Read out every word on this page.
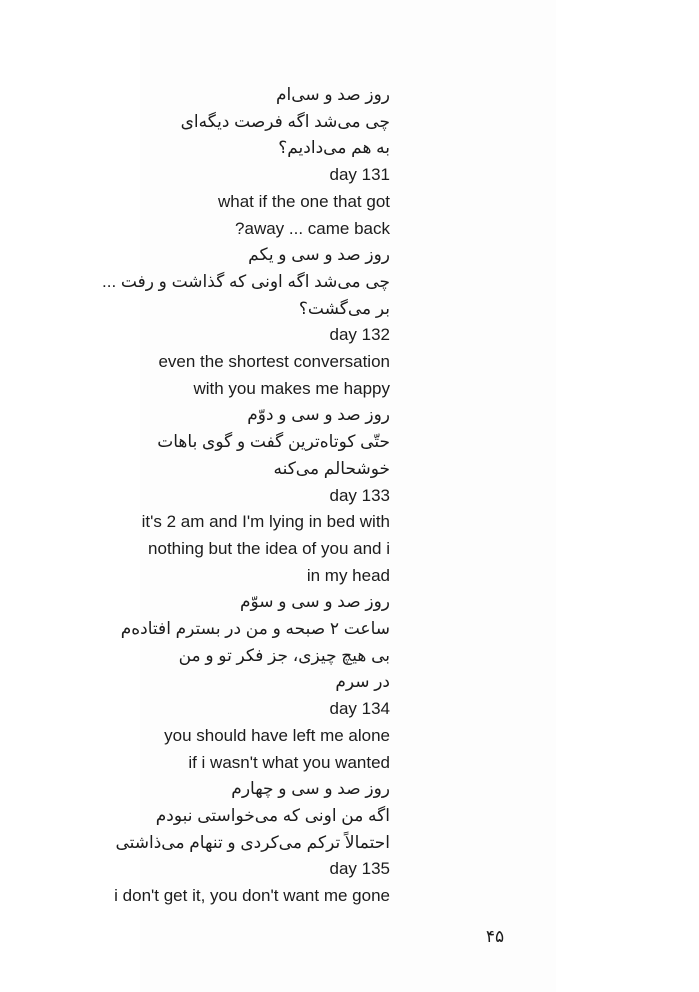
روز صد و سی‌ام
چی می‌شد اگه فرصت دیگه‌ای
به هم می‌دادیم؟
day 131
what if the one that got
away ... came back?
روز صد و سی و یکم
چی می‌شد اگه اونی که گذاشت و رفت ...
بر می‌گشت؟
day 132
even the shortest conversation
with you makes me happy
روز صد و سی و دوّم
حتّی کوتاه‌ترین گفت و گوی باهات
خوشحالم می‌کنه
day 133
it's 2 am and I'm lying in bed with
nothing but the idea of you and i
in my head
روز صد و سی و سوّم
ساعت ۲ صبحه و من در بسترم افتاده‌م
بی هیچ چیزی، جز فکر تو و من
در سرم
day 134
you should have left me alone
if i wasn't what you wanted
روز صد و سی و چهارم
اگه من اونی که می‌خواستی نبودم
احتمالاً ترکم می‌کردی و تنهام می‌ذاشتی
day 135
i don't get it, you don't want me gone
۴۵
